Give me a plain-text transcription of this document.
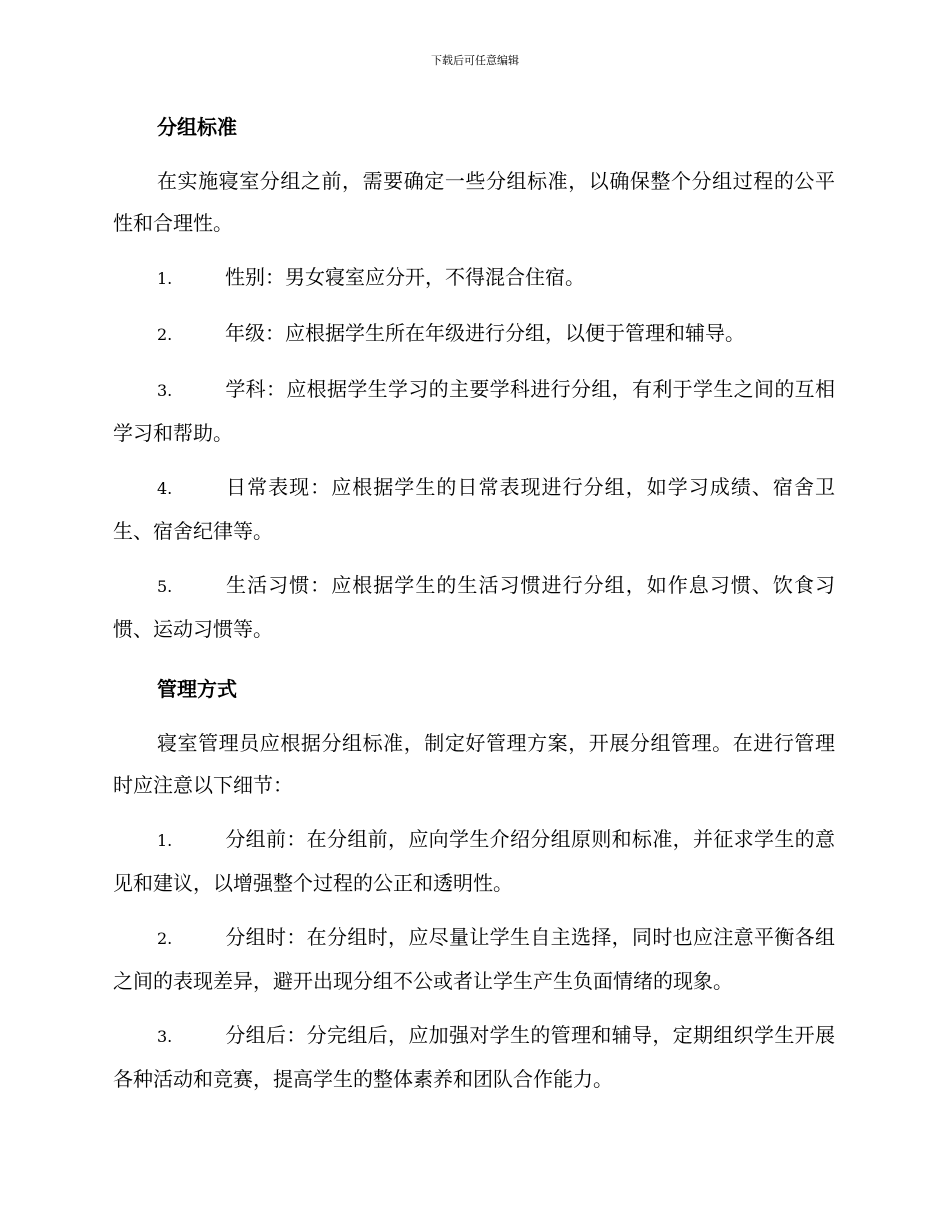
下载后可任意编辑
分组标准

在实施寝室分组之前，需要确定一些分组标准，以确保整个分组过程的公平性和合理性。

1.	性别：男女寝室应分开，不得混合住宿。

2.	年级：应根据学生所在年级进行分组，以便于管理和辅导。

3.	学科：应根据学生学习的主要学科进行分组，有利于学生之间的互相学习和帮助。

4.	日常表现：应根据学生的日常表现进行分组，如学习成绩、宿舍卫生、宿舍纪律等。

5.	生活习惯：应根据学生的生活习惯进行分组，如作息习惯、饮食习惯、运动习惯等。

管理方式

寝室管理员应根据分组标准，制定好管理方案，开展分组管理。在进行管理时应注意以下细节：

1.	分组前：在分组前，应向学生介绍分组原则和标准，并征求学生的意见和建议，以增强整个过程的公正和透明性。

2.	分组时：在分组时，应尽量让学生自主选择，同时也应注意平衡各组之间的表现差异，避开出现分组不公或者让学生产生负面情绪的现象。

3.	分组后：分完组后，应加强对学生的管理和辅导，定期组织学生开展各种活动和竞赛，提高学生的整体素养和团队合作能力。
